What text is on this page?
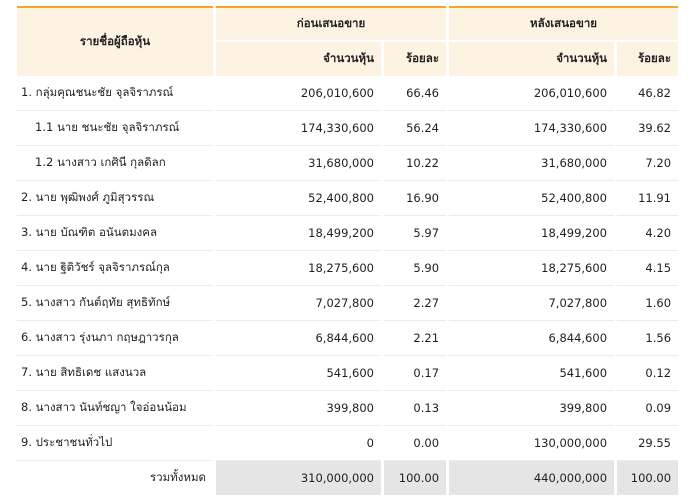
รายชื่อผู้ถือหุ้น	ก่อนเสนอขาย		หลังเสนอขาย	
	จำนวนหุ้น	ร้อยละ	จำนวนหุ้น	ร้อยละ
1. กลุ่มคุณชนะชัย จุลจิราภรณ์	206,010,600	66.46	206,010,600	46.82
1.1 นาย ชนะชัย จุลจิราภรณ์	174,330,600	56.24	174,330,600	39.62
1.2 นางสาว เกศินี กุลดิลก	31,680,000	10.22	31,680,000	7.20
2. นาย พุฒิพงศ์ ภูมิสุวรรณ	52,400,800	16.90	52,400,800	11.91
3. นาย บัณฑิต อนันตมงคล	18,499,200	5.97	18,499,200	4.20
4. นาย ฐิติวัชร์ จุลจิราภรณ์กุล	18,275,600	5.90	18,275,600	4.15
5. นางสาว กันต์ฤทัย สุทธิทักษ์	7,027,800	2.27	7,027,800	1.60
6. นางสาว รุ่งนภา กฤษฎาวรกุล	6,844,600	2.21	6,844,600	1.56
7. นาย สิทธิเดช แสงนวล	541,600	0.17	541,600	0.12
8. นางสาว นันท์ชญา ใจอ่อนน้อม	399,800	0.13	399,800	0.09
9. ประชาชนทั่วไป	0	0.00	130,000,000	29.55
รวมทั้งหมด	310,000,000	100.00	440,000,000	100.00
